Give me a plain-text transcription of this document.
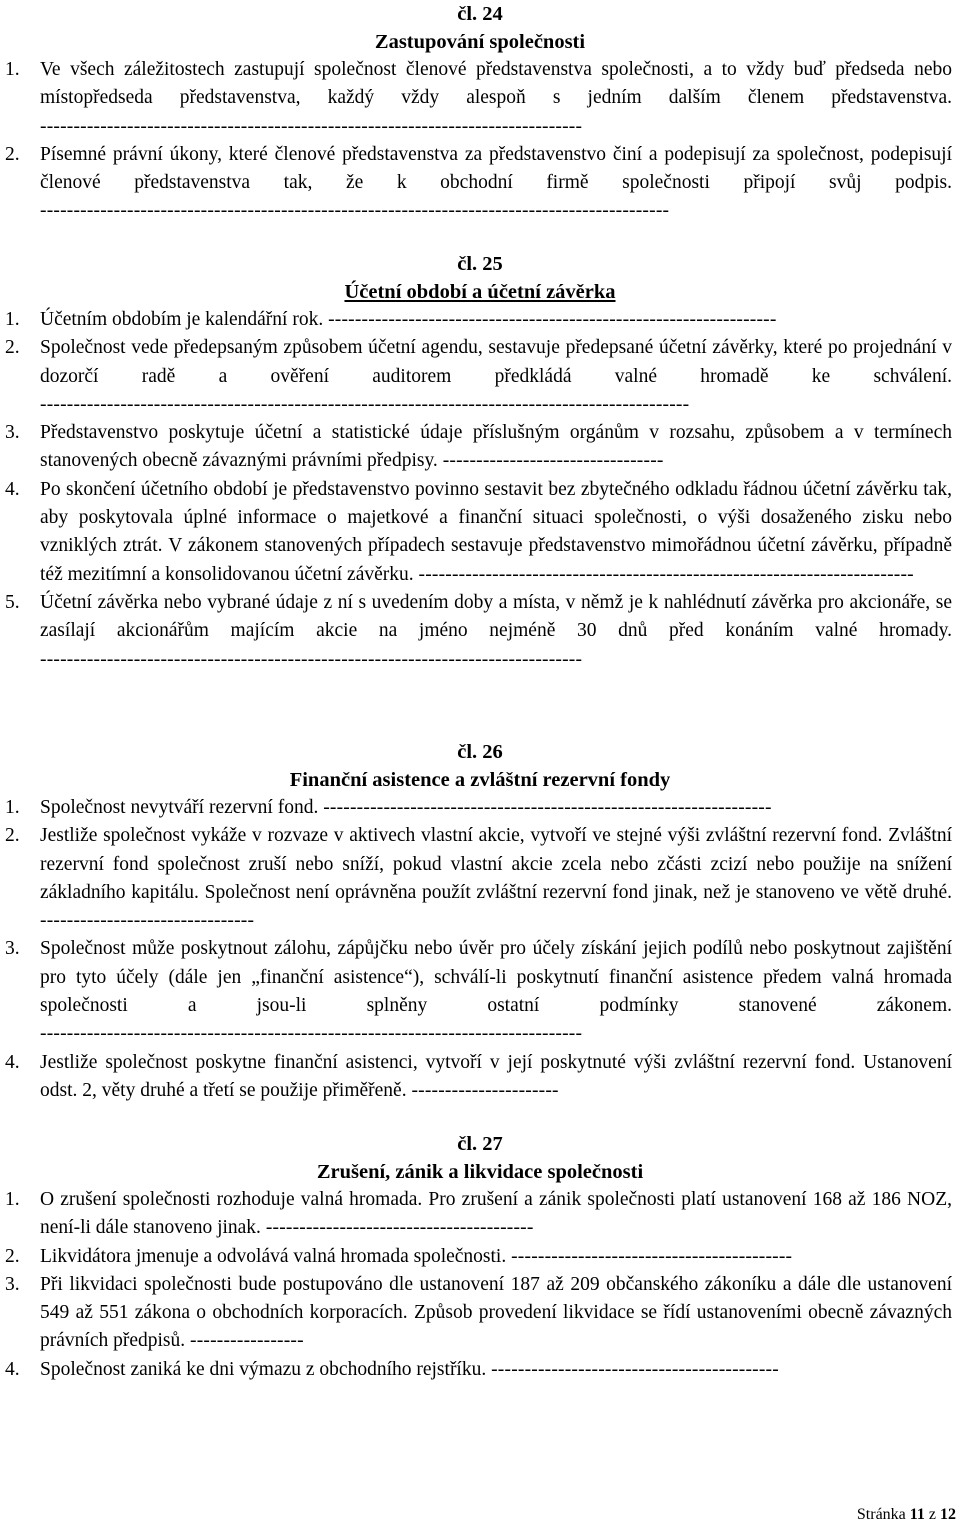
čl. 24
Zastupování společnosti
1. Ve všech záležitostech zastupují společnost členové představenstva společnosti, a to vždy buď předseda nebo místopředseda představenstva, každý vždy alespoň s jedním dalším členem představenstva. ---------------------------------------------------------------------------------
2. Písemné právní úkony, které členové představenstva za představenstvo činí a podepisují za společnost, podepisují členové představenstva tak, že k obchodní firmě společnosti připojí svůj podpis. ----------------------------------------------------------------------------------------------
čl. 25
Účetní období a účetní závěrka
1. Účetním obdobím je kalendářní rok. -------------------------------------------------------------------
2. Společnost vede předepsaným způsobem účetní agendu, sestavuje předepsané účetní závěrky, které po projednání v dozorčí radě a ověření auditorem předkládá valné hromadě ke schválení. -------------------------------------------------------------------------------------------------
3. Představenstvo poskytuje účetní a statistické údaje příslušným orgánům v rozsahu, způsobem a v termínech stanovených obecně závaznými právními předpisy. ---------------------------------
4. Po skončení účetního období je představenstvo povinno sestavit bez zbytečného odkladu řádnou účetní závěrku tak, aby poskytovala úplné informace o majetkové a finanční situaci společnosti, o výši dosaženého zisku nebo vzniklých ztrát. V zákonem stanovených případech sestavuje představenstvo mimořádnou účetní závěrku, případně též mezitímní a konsolidovanou účetní závěrku. --------------------------------------------------------------------------
5. Účetní závěrka nebo vybrané údaje z ní s uvedením doby a místa, v němž je k nahlédnutí závěrka pro akcionáře, se zasílají akcionářům majícím akcie na jméno nejméně 30 dnů před konáním valné hromady. ---------------------------------------------------------------------------------
čl. 26
Finanční asistence a zvláštní rezervní fondy
1. Společnost nevytváří rezervní fond. -------------------------------------------------------------------
2. Jestliže společnost vykáže v rozvaze v aktivech vlastní akcie, vytvoří ve stejné výši zvláštní rezervní fond. Zvláštní rezervní fond společnost zruší nebo sníží, pokud vlastní akcie zcela nebo zčásti zcizí nebo použije na snížení základního kapitálu. Společnost není oprávněna použít zvláštní rezervní fond jinak, než je stanoveno ve větě druhé. --------------------------------
3. Společnost může poskytnout zálohu, zápůjčku nebo úvěr pro účely získání jejich podílů nebo poskytnout zajištění pro tyto účely (dále jen „finanční asistence“), schválí-li poskytnutí finanční asistence předem valná hromada společnosti a jsou-li splněny ostatní podmínky stanovené zákonem. ---------------------------------------------------------------------------------
4. Jestliže společnost poskytne finanční asistenci, vytvoří v její poskytnuté výši zvláštní rezervní fond. Ustanovení odst. 2, věty druhé a třetí se použije přiměřeně. ----------------------
čl. 27
Zrušení, zánik a likvidace společnosti
1. O zrušení společnosti rozhoduje valná hromada. Pro zrušení a zánik společnosti platí ustanovení 168 až 186 NOZ, není-li dále stanoveno jinak. ----------------------------------------
2. Likvidátora jmenuje a odvolává valná hromada společnosti. ------------------------------------------
3. Při likvidaci společnosti bude postupováno dle ustanovení 187 až 209 občanského zákoníku a dále dle ustanovení 549 až 551 zákona o obchodních korporacích. Způsob provedení likvidace se řídí ustanoveními obecně závazných právních předpisů. -----------------
4. Společnost zaniká ke dni výmazu z obchodního rejstříku. -------------------------------------------
Stránka 11 z 12
